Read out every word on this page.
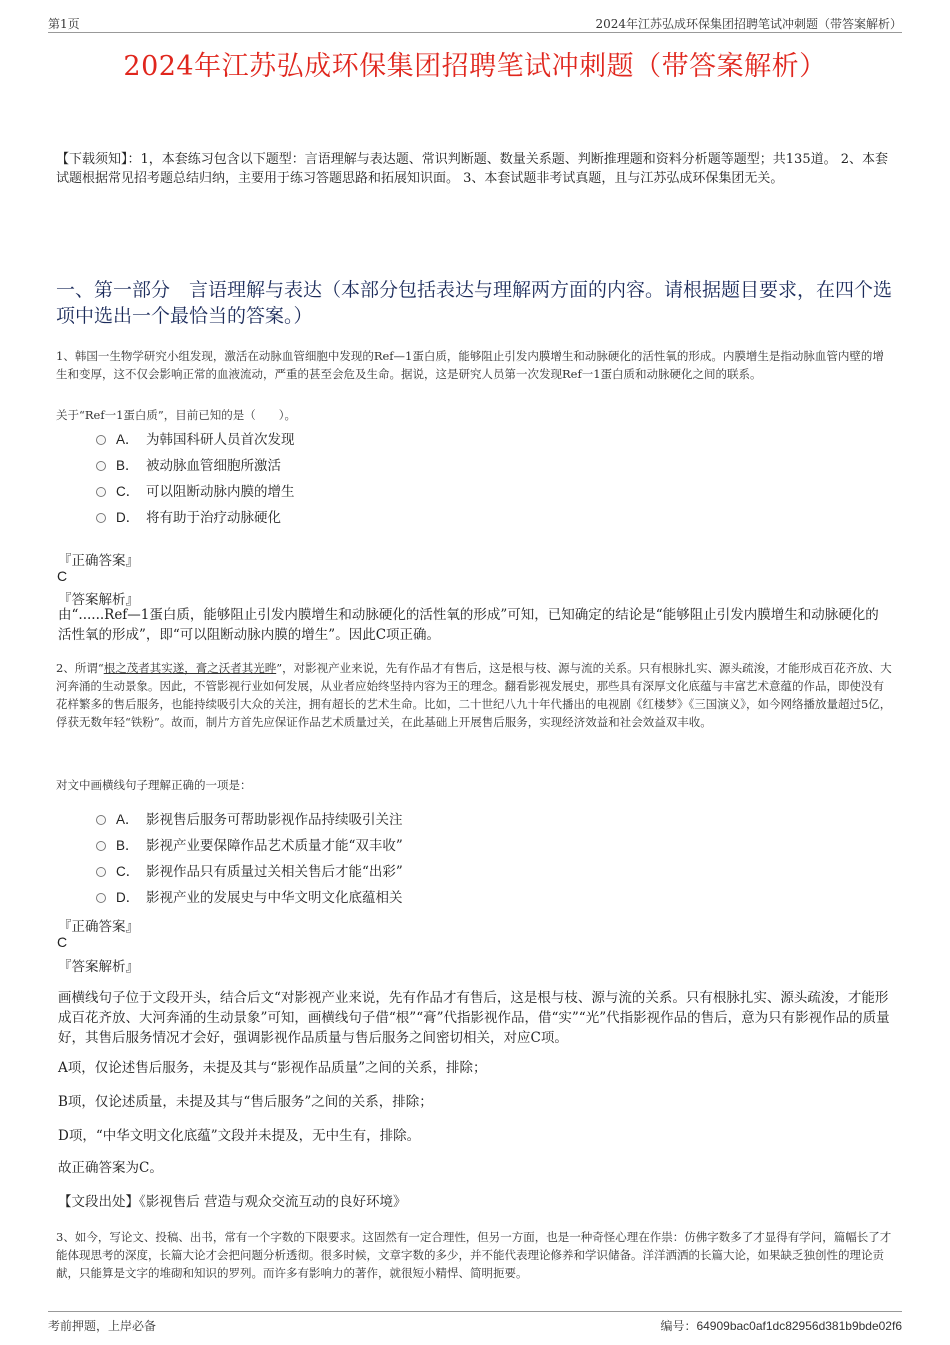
第1页	2024年江苏弘成环保集团招聘笔试冲刺题（带答案解析）
2024年江苏弘成环保集团招聘笔试冲刺题（带答案解析）
【下载须知】：1，本套练习包含以下题型：言语理解与表达题、常识判断题、数量关系题、判断推理题和资料分析题等题型；共135道。 2、本套试题根据常见招考题总结归纳，主要用于练习答题思路和拓展知识面。 3、本套试题非考试真题，且与江苏弘成环保集团无关。
一、第一部分　言语理解与表达（本部分包括表达与理解两方面的内容。请根据题目要求，在四个选项中选出一个最恰当的答案。）
1、韩国一生物学研究小组发现，激活在动脉血管细胞中发现的Ref—1蛋白质，能够阻止引发内膜增生和动脉硬化的活性氧的形成。内膜增生是指动脉血管内壁的增生和变厚，这不仅会影响正常的血液流动，严重的甚至会危及生命。据说，这是研究人员第一次发现Ref一1蛋白质和动脉硬化之间的联系。
关于“Ref一1蛋白质”，目前已知的是（　　）。
A． 为韩国科研人员首次发现
B． 被动脉血管细胞所激活
C． 可以阻断动脉内膜的增生
D． 将有助于治疗动脉硬化
『正确答案』
C
『答案解析』
由“......Ref—1蛋白质，能够阻止引发内膜增生和动脉硬化的活性氧的形成”可知，已知确定的结论是“能够阻止引发内膜增生和动脉硬化的活性氧的形成”，即“可以阻断动脉内膜的增生”。因此C项正确。
2、所谓“根之茂者其实遂，膏之沃者其光晔”，对影视产业来说，先有作品才有售后，这是根与枝、源与流的关系。只有根脉扎实、源头疏浚，才能形成百花齐放、大河奔涌的生动景象。因此，不管影视行业如何发展，从业者应始终坚持内容为王的理念。翻看影视发展史，那些具有深厚文化底蕴与丰富艺术意蕴的作品，即使没有花样繁多的售后服务，也能持续吸引大众的关注，拥有超长的艺术生命。比如，二十世纪八九十年代播出的电视剧《红楼梦》《三国演义》，如今网络播放量超过5亿，俘获无数年轻“铁粉”。故而，制片方首先应保证作品艺术质量过关，在此基础上开展售后服务，实现经济效益和社会效益双丰收。
对文中画横线句子理解正确的一项是：
A． 影视售后服务可帮助影视作品持续吸引关注
B． 影视产业要保障作品艺术质量才能“双丰收”
C． 影视作品只有质量过关相关售后才能“出彩”
D． 影视产业的发展史与中华文明文化底蕴相关
『正确答案』
C
『答案解析』
画横线句子位于文段开头，结合后文“对影视产业来说，先有作品才有售后，这是根与枝、源与流的关系。只有根脉扎实、源头疏浚，才能形成百花齐放、大河奔涌的生动景象”可知，画横线句子借“根”“膏”代指影视作品，借“实”“光”代指影视作品的售后，意为只有影视作品的质量好，其售后服务情况才会好，强调影视作品质量与售后服务之间密切相关，对应C项。
A项，仅论述售后服务，未提及其与“影视作品质量”之间的关系，排除；
B项，仅论述质量，未提及其与“售后服务”之间的关系，排除；
D项，“中华文明文化底蕴”文段并未提及，无中生有，排除。
故正确答案为C。
【文段出处】《影视售后 营造与观众交流互动的良好环境》
3、如今，写论文、投稿、出书，常有一个字数的下限要求。这固然有一定合理性，但另一方面，也是一种奇怪心理在作祟：仿佛字数多了才显得有学问，篇幅长了才能体现思考的深度，长篇大论才会把问题分析透彻。很多时候，文章字数的多少，并不能代表理论修养和学识储备。洋洋洒洒的长篇大论，如果缺乏独创性的理论贡献，只能算是文字的堆砌和知识的罗列。而许多有影响力的著作，就很短小精悍、简明扼要。
考前押题，上岸必备	编号：64909bac0af1dc82956d381b9bde02f6
